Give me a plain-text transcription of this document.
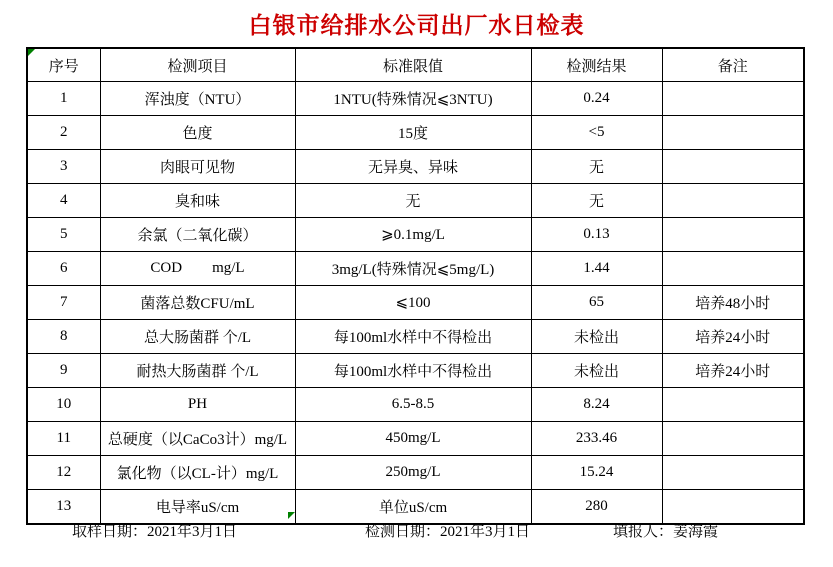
白银市给排水公司出厂水日检表
序号	检测项目	标准限值	检测结果	备注
1	浑浊度（NTU）	1NTU(特殊情况⩽3NTU)	0.24	
2	色度	15度	<5	
3	肉眼可见物	无异臭、异味	无	
4	臭和味	无	无	
5	余氯（二氧化碳）	⩾0.1mg/L	0.13	
6	COD        mg/L	3mg/L(特殊情况⩽5mg/L)	1.44	
7	菌落总数CFU/mL	⩽100	65	培养48小时
8	总大肠菌群 个/L	每100ml水样中不得检出	未检出	培养24小时
9	耐热大肠菌群 个/L	每100ml水样中不得检出	未检出	培养24小时
10	PH	6.5-8.5	8.24	
11	总硬度（以CaCo3计）mg/L	450mg/L	233.46	
12	氯化物（以CL-计）mg/L	250mg/L	15.24	
13	电导率uS/cm	单位uS/cm	280	
取样日期：2021年3月1日	检测日期：2021年3月1日	填报人：姜海霞
